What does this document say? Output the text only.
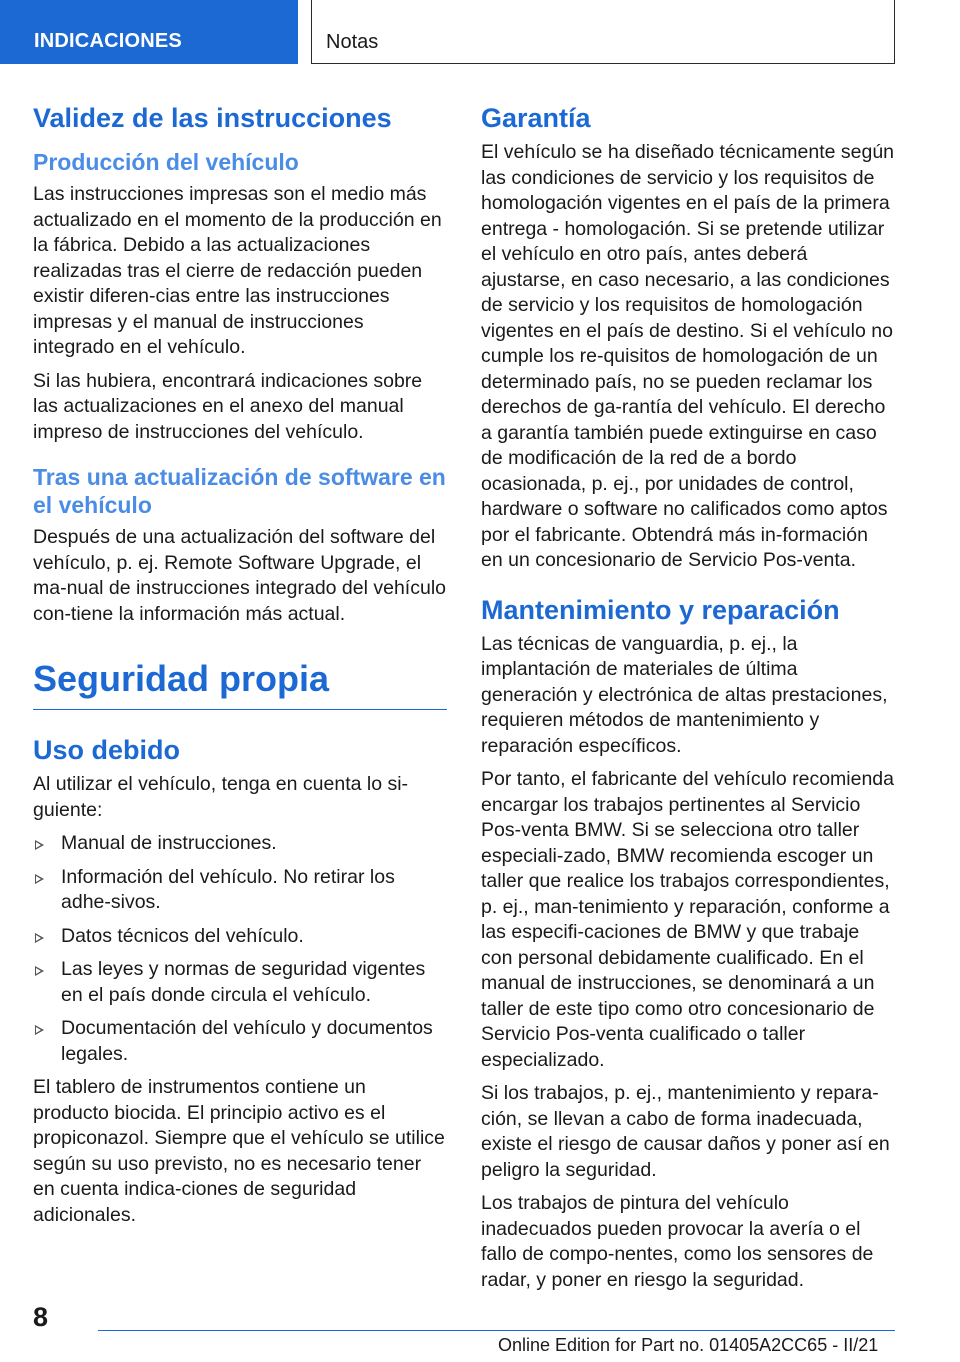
INDICACIONES	Notas
Validez de las instrucciones
Producción del vehículo

Las instrucciones impresas son el medio más actualizado en el momento de la producción en la fábrica. Debido a las actualizaciones realizadas tras el cierre de redacción pueden existir diferen‐cias entre las instrucciones impresas y el manual de instrucciones integrado en el vehículo.

Si las hubiera, encontrará indicaciones sobre las actualizaciones en el anexo del manual impreso de instrucciones del vehículo.

Tras una actualización de software en el vehículo

Después de una actualización del software del vehículo, p. ej. Remote Software Upgrade, el ma‐nual de instrucciones integrado del vehículo con‐tiene la información más actual.

Seguridad propia
Uso debido

Al utilizar el vehículo, tenga en cuenta lo si‐guiente:

Manual de instrucciones.
Información del vehículo. No retirar los adhe‐sivos.
Datos técnicos del vehículo.
Las leyes y normas de seguridad vigentes en el país donde circula el vehículo.
Documentación del vehículo y documentos legales.

El tablero de instrumentos contiene un producto biocida. El principio activo es el propiconazol. Siempre que el vehículo se utilice según su uso previsto, no es necesario tener en cuenta indica‐ciones de seguridad adicionales.

Garantía

El vehículo se ha diseñado técnicamente según las condiciones de servicio y los requisitos de homologación vigentes en el país de la primera entrega - homologación. Si se pretende utilizar el vehículo en otro país, antes deberá ajustarse, en caso necesario, a las condiciones de servicio y los requisitos de homologación vigentes en el país de destino. Si el vehículo no cumple los re‐quisitos de homologación de un determinado país, no se pueden reclamar los derechos de ga‐rantía del vehículo. El derecho a garantía también puede extinguirse en caso de modificación de la red de a bordo ocasionada, p. ej., por unidades de control, hardware o software no calificados como aptos por el fabricante. Obtendrá más in‐formación en un concesionario de Servicio Pos‐venta.

Mantenimiento y reparación

Las técnicas de vanguardia, p. ej., la implantación de materiales de última generación y electrónica de altas prestaciones, requieren métodos de mantenimiento y reparación específicos.

Por tanto, el fabricante del vehículo recomienda encargar los trabajos pertinentes al Servicio Pos‐venta BMW. Si se selecciona otro taller especiali‐zado, BMW recomienda escoger un taller que realice los trabajos correspondientes, p. ej., man‐tenimiento y reparación, conforme a las especifi‐caciones de BMW y que trabaje con personal debidamente cualificado. En el manual de instrucciones, se denominará a un taller de este tipo como otro concesionario de Servicio Pos‐venta cualificado o taller especializado.

Si los trabajos, p. ej., mantenimiento y repara‐ción, se llevan a cabo de forma inadecuada, existe el riesgo de causar daños y poner así en peligro la seguridad.

Los trabajos de pintura del vehículo inadecuados pueden provocar la avería o el fallo de compo‐nentes, como los sensores de radar, y poner en riesgo la seguridad.

8
Online Edition for Part no. 01405A2CC65 - II/21
